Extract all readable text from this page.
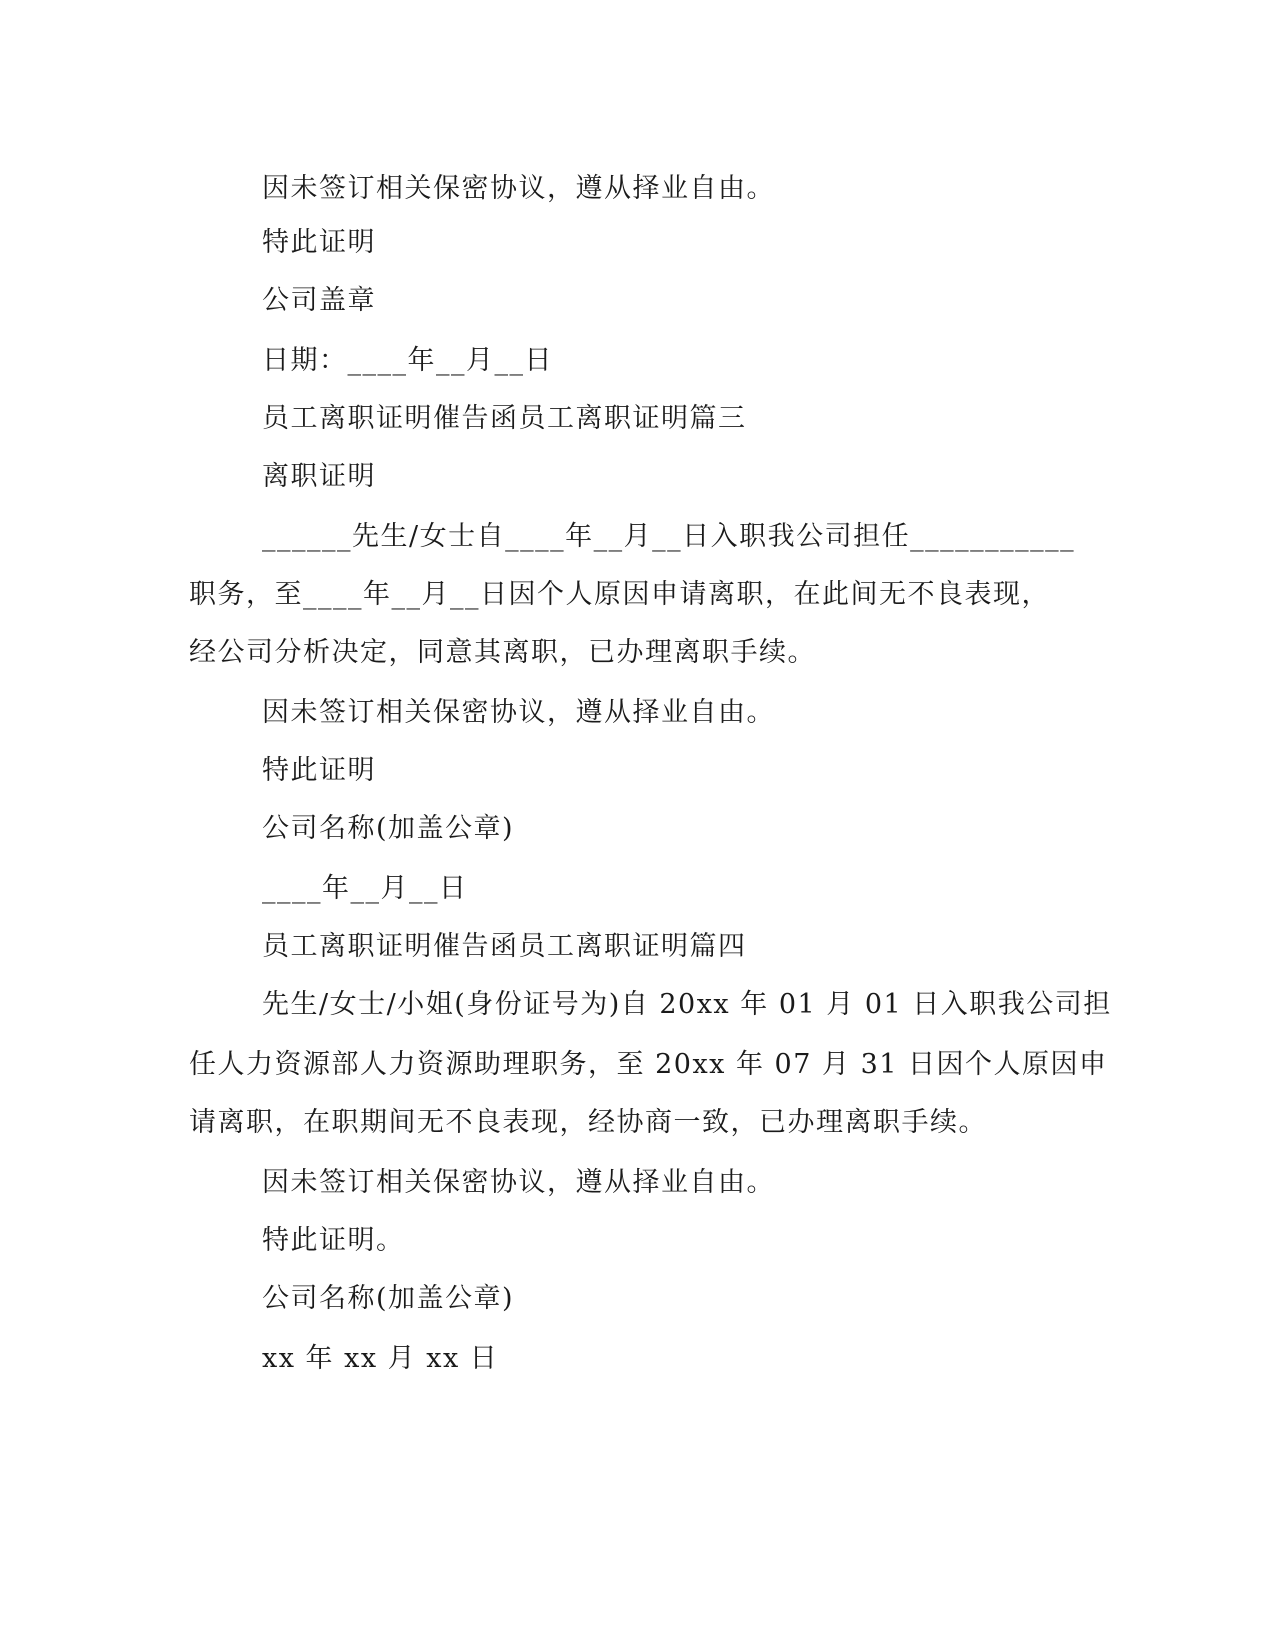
因未签订相关保密协议，遵从择业自由。
特此证明
公司盖章
日期：____年__月__日
员工离职证明催告函员工离职证明篇三
离职证明
______先生/女士自____年__月__日入职我公司担任___________
职务，至____年__月__日因个人原因申请离职，在此间无不良表现，
经公司分析决定，同意其离职，已办理离职手续。
因未签订相关保密协议，遵从择业自由。
特此证明
公司名称(加盖公章)
____年__月__日
员工离职证明催告函员工离职证明篇四
先生/女士/小姐(身份证号为)自 20xx 年 01 月 01 日入职我公司担
任人力资源部人力资源助理职务，至 20xx 年 07 月 31 日因个人原因申
请离职，在职期间无不良表现，经协商一致，已办理离职手续。
因未签订相关保密协议，遵从择业自由。
特此证明。
公司名称(加盖公章)
xx 年 xx 月 xx 日
